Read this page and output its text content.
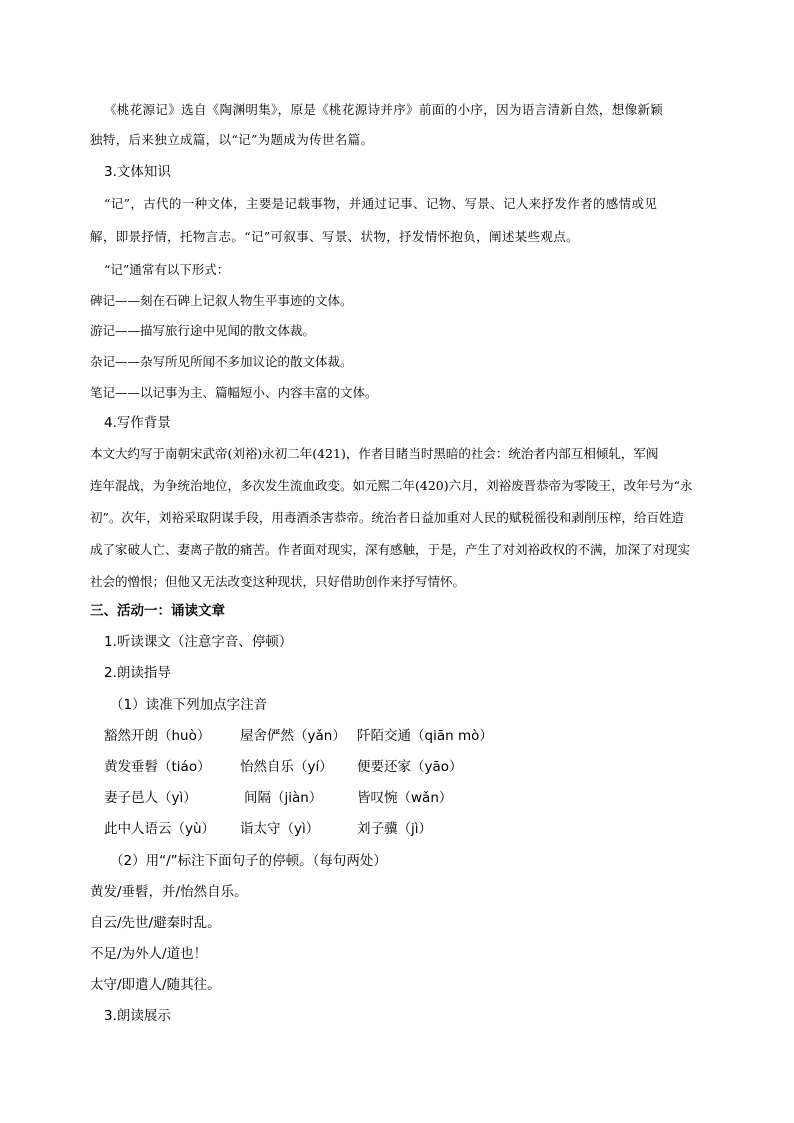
《桃花源记》选自《陶渊明集》，原是《桃花源诗并序》前面的小序，因为语言清新自然，想像新颖
独特，后来独立成篇，以“记”为题成为传世名篇。
3.文体知识
“记”，古代的一种文体，主要是记载事物，并通过记事、记物、写景、记人来抒发作者的感情或见
解，即景抒情，托物言志。“记”可叙事、写景、状物，抒发情怀抱负，阐述某些观点。
“记”通常有以下形式：
碑记——刻在石碑上记叙人物生平事迹的文体。
游记——描写旅行途中见闻的散文体裁。
杂记——杂写所见所闻不多加议论的散文体裁。
笔记——以记事为主、篇幅短小、内容丰富的文体。
4.写作背景
本文大约写于南朝宋武帝(刘裕)永初二年(421)，作者目睹当时黑暗的社会：统治者内部互相倾轧，军阀
连年混战，为争统治地位，多次发生流血政变。如元熙二年(420)六月，刘裕废晋恭帝为零陵王，改年号为“永
初”。次年，刘裕采取阴谋手段，用毒酒杀害恭帝。统治者日益加重对人民的赋税徭役和剥削压榨，给百姓造
成了家破人亡、妻离子散的痛苦。作者面对现实，深有感触，于是，产生了对刘裕政权的不满，加深了对现实
社会的憎恨；但他又无法改变这种现状，只好借助创作来抒写情怀。
三、活动一：诵读文章
1.听读课文（注意字音、停顿）
2.朗读指导
（1）读准下列加点字注音
豁然开朗（huò） 屋舍俨然（yǎn） 阡陌交通（qiān mò）
黄发垂髫（tiáo） 怡然自乐（yí） 便要还家（yāo）
妻子邑人（yì）	间隔（jiàn）	皆叹惋（wǎn）
此中人语云（yù） 诣太守（yì）	刘子骥（jì）
（2）用“/”标注下面句子的停顿。（每句两处）
黄发/垂髫，并/怡然自乐。
自云/先世/避秦时乱。
不足/为外人/道也！
太守/即遣人/随其往。
3.朗读展示
